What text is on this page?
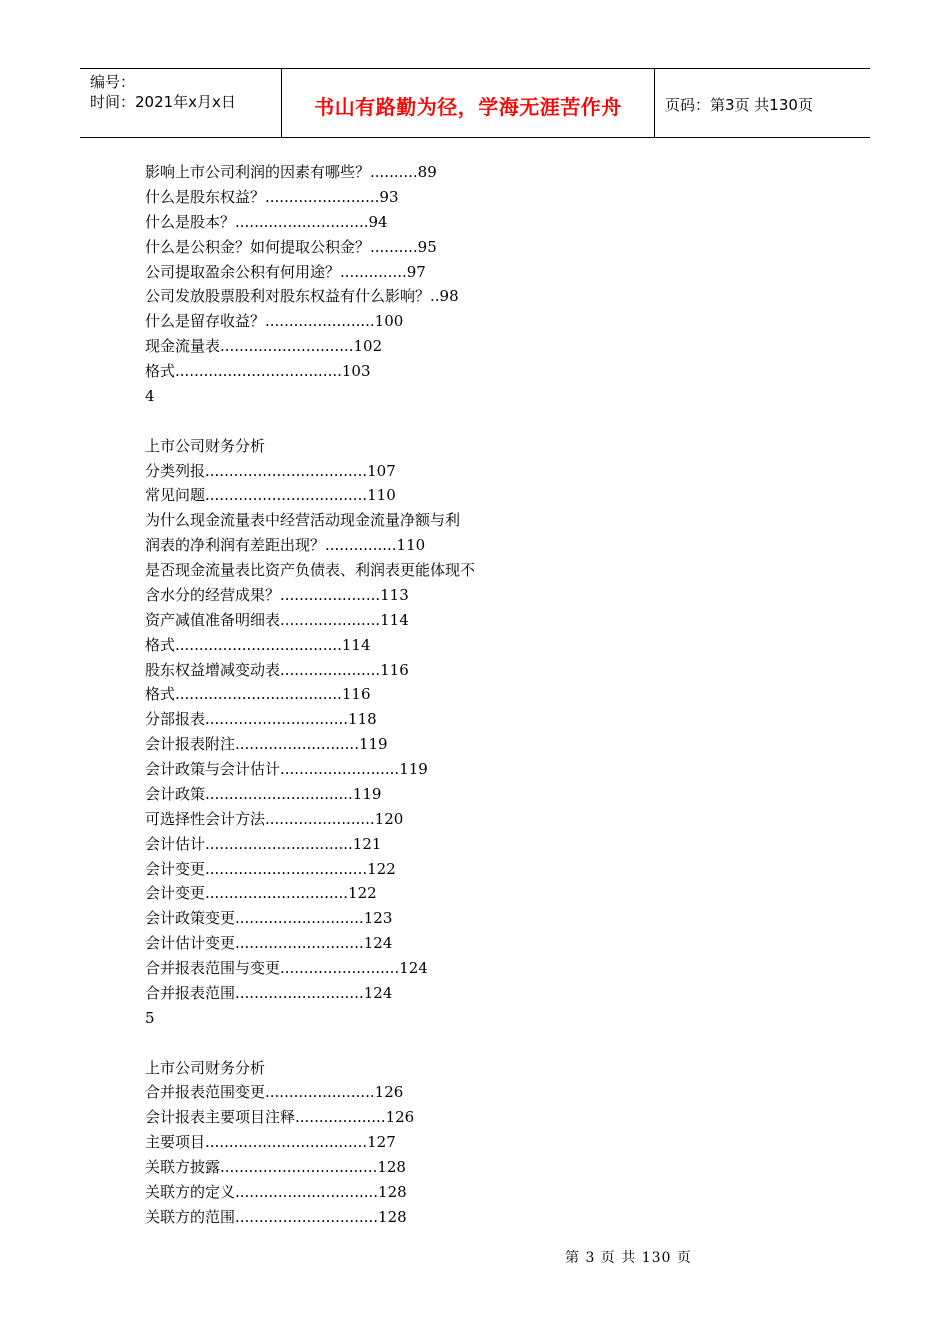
编号：
时间：2021年x月x日	书山有路勤为径，学海无涯苦作舟	页码：第3页 共130页
影响上市公司利润的因素有哪些？..........89
什么是股东权益？........................93
什么是股本？............................94
什么是公积金？如何提取公积金？..........95
公司提取盈余公积有何用途？..............97
公司发放股票股利对股东权益有什么影响？..98
什么是留存收益？.......................100
现金流量表............................102
格式...................................103
4
上市公司财务分析
分类列报..................................107
常见问题..................................110
为什么现金流量表中经营活动现金流量净额与利
润表的净利润有差距出现？...............110
是否现金流量表比资产负债表、利润表更能体现不
含水分的经营成果？.....................113
资产减值准备明细表.....................114
格式...................................114
股东权益增减变动表.....................116
格式...................................116
分部报表..............................118
会计报表附注..........................119
会计政策与会计估计.........................119
会计政策...............................119
可选择性会计方法.......................120
会计估计...............................121
会计变更..................................122
会计变更..............................122
会计政策变更...........................123
会计估计变更...........................124
合并报表范围与变更.........................124
合并报表范围...........................124
5
上市公司财务分析
合并报表范围变更.......................126
会计报表主要项目注释...................126
主要项目..................................127
关联方披露.................................128
关联方的定义..............................128
关联方的范围..............................128
第 3 页 共 130 页
